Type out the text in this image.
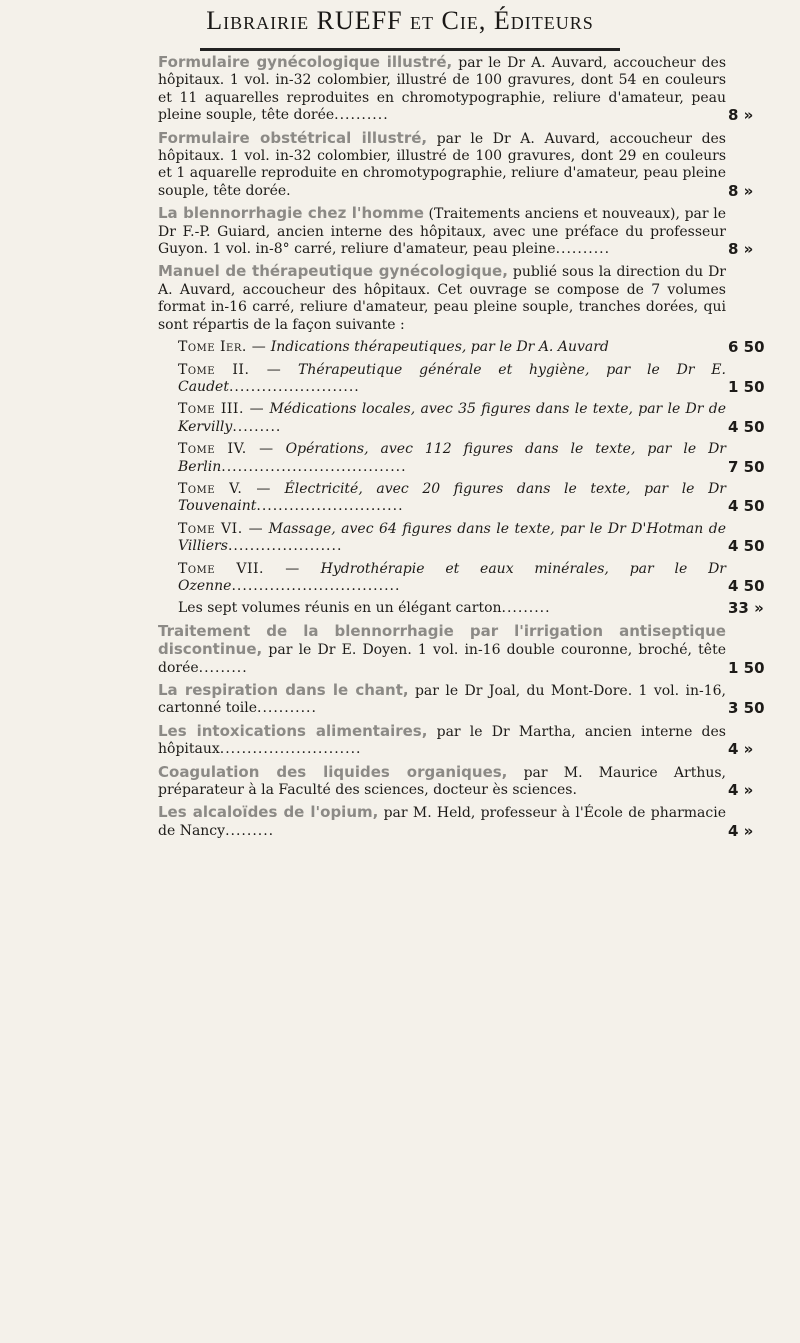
Librairie RUEFF et Cie, Éditeurs

Formulaire gynécologique illustré, par le Dr A. Auvard, accoucheur des hôpitaux. 1 vol. in-32 colombier, illustré de 100 gravures, dont 54 en couleurs et 11 aquarelles reproduites en chromotypographie, reliure d'amateur, peau pleine souple, tête dorée..........	8 »

Formulaire obstétrical illustré, par le Dr A. Auvard, accoucheur des hôpitaux. 1 vol. in-32 colombier, illustré de 100 gravures, dont 29 en couleurs et 1 aquarelle reproduite en chromotypographie, reliure d'amateur, peau pleine souple, tête dorée.	8 »

La blennorrhagie chez l'homme (Traitements anciens et nouveaux), par le Dr F.-P. Guiard, ancien interne des hôpitaux, avec une préface du professeur Guyon. 1 vol. in-8° carré, reliure d'amateur, peau pleine..........	8 »

Manuel de thérapeutique gynécologique, publié sous la direction du Dr A. Auvard, accoucheur des hôpitaux. Cet ouvrage se compose de 7 volumes format in-16 carré, reliure d'amateur, peau pleine souple, tranches dorées, qui sont répartis de la façon suivante :

Tome Ier. — Indications thérapeutiques, par le Dr A. Auvard	6 50

Tome II. — Thérapeutique générale et hygiène, par le Dr E. Caudet........................	1 50

Tome III. — Médications locales, avec 35 figures dans le texte, par le Dr de Kervilly.........	4 50

Tome IV. — Opérations, avec 112 figures dans le texte, par le Dr Berlin..................................	7 50

Tome V. — Électricité, avec 20 figures dans le texte, par le Dr Touvenaint...........................	4 50

Tome VI. — Massage, avec 64 figures dans le texte, par le Dr D'Hotman de Villiers.....................	4 50

Tome VII. — Hydrothérapie et eaux minérales, par le Dr Ozenne...............................	4 50

Les sept volumes réunis en un élégant carton.........	33 »

Traitement de la blennorrhagie par l'irrigation antiseptique discontinue, par le Dr E. Doyen. 1 vol. in-16 double couronne, broché, tête dorée.........	1 50

La respiration dans le chant, par le Dr Joal, du Mont-Dore. 1 vol. in-16, cartonné toile...........	3 50

Les intoxications alimentaires, par le Dr Martha, ancien interne des hôpitaux..........................	4 »

Coagulation des liquides organiques, par M. Maurice Arthus, préparateur à la Faculté des sciences, docteur ès sciences.	4 »

Les alcaloïdes de l'opium, par M. Held, professeur à l'École de pharmacie de Nancy.........	4 »
